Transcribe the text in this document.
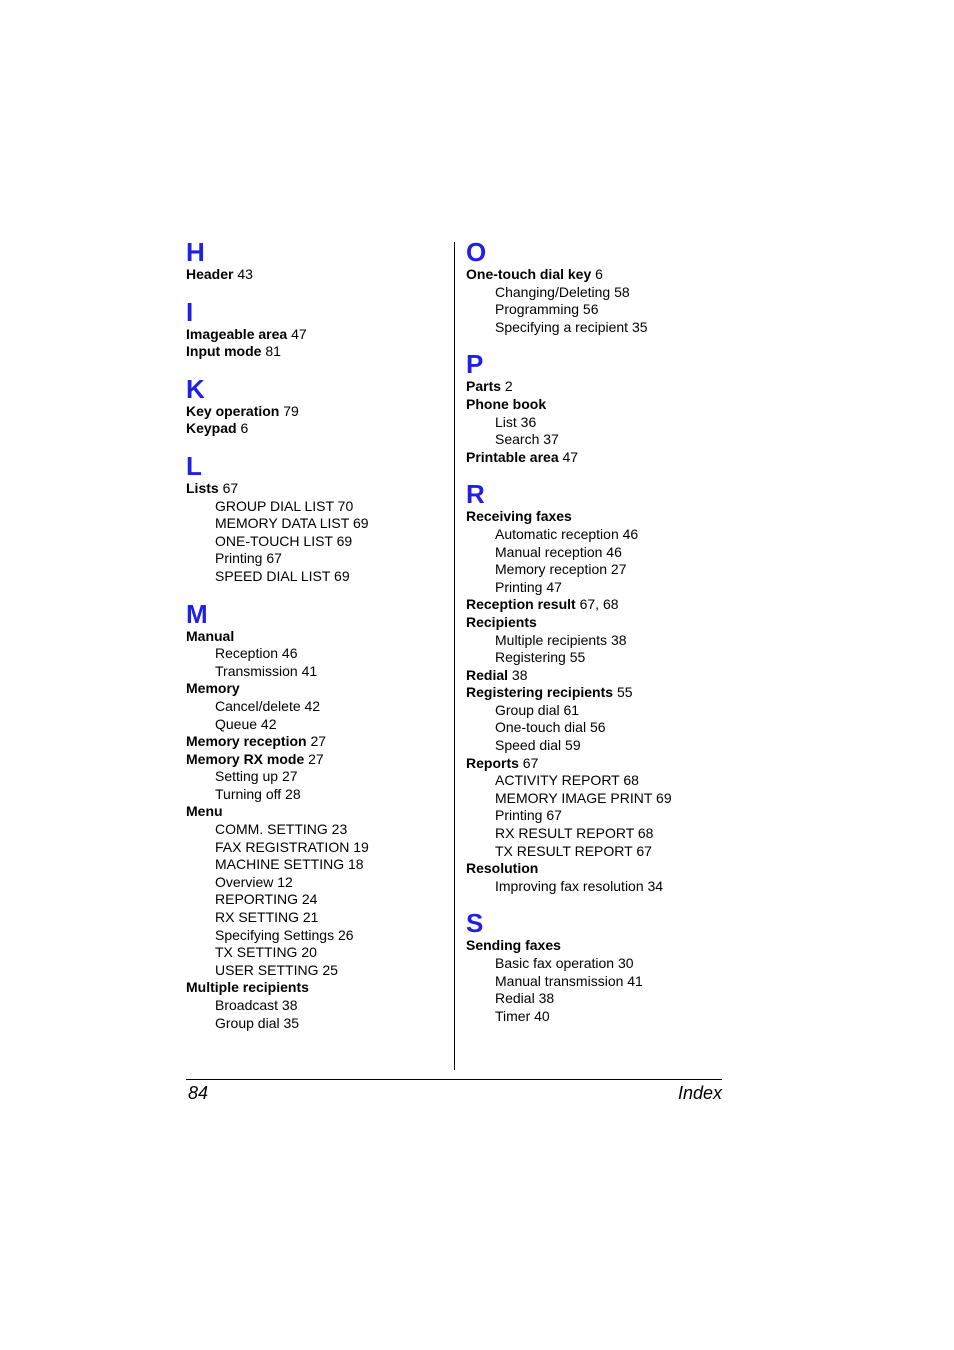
H
Header 43
I
Imageable area 47
Input mode 81
K
Key operation 79
Keypad 6
L
Lists 67
GROUP DIAL LIST 70
MEMORY DATA LIST 69
ONE-TOUCH LIST 69
Printing 67
SPEED DIAL LIST 69
M
Manual
Reception 46
Transmission 41
Memory
Cancel/delete 42
Queue 42
Memory reception 27
Memory RX mode 27
Setting up 27
Turning off 28
Menu
COMM. SETTING 23
FAX REGISTRATION 19
MACHINE SETTING 18
Overview 12
REPORTING 24
RX SETTING 21
Specifying Settings 26
TX SETTING 20
USER SETTING 25
Multiple recipients
Broadcast 38
Group dial 35
O
One-touch dial key 6
Changing/Deleting 58
Programming 56
Specifying a recipient 35
P
Parts 2
Phone book
List 36
Search 37
Printable area 47
R
Receiving faxes
Automatic reception 46
Manual reception 46
Memory reception 27
Printing 47
Reception result 67, 68
Recipients
Multiple recipients 38
Registering 55
Redial 38
Registering recipients 55
Group dial 61
One-touch dial 56
Speed dial 59
Reports 67
ACTIVITY REPORT 68
MEMORY IMAGE PRINT 69
Printing 67
RX RESULT REPORT 68
TX RESULT REPORT 67
Resolution
Improving fax resolution 34
S
Sending faxes
Basic fax operation 30
Manual transmission 41
Redial 38
Timer 40
84	Index
